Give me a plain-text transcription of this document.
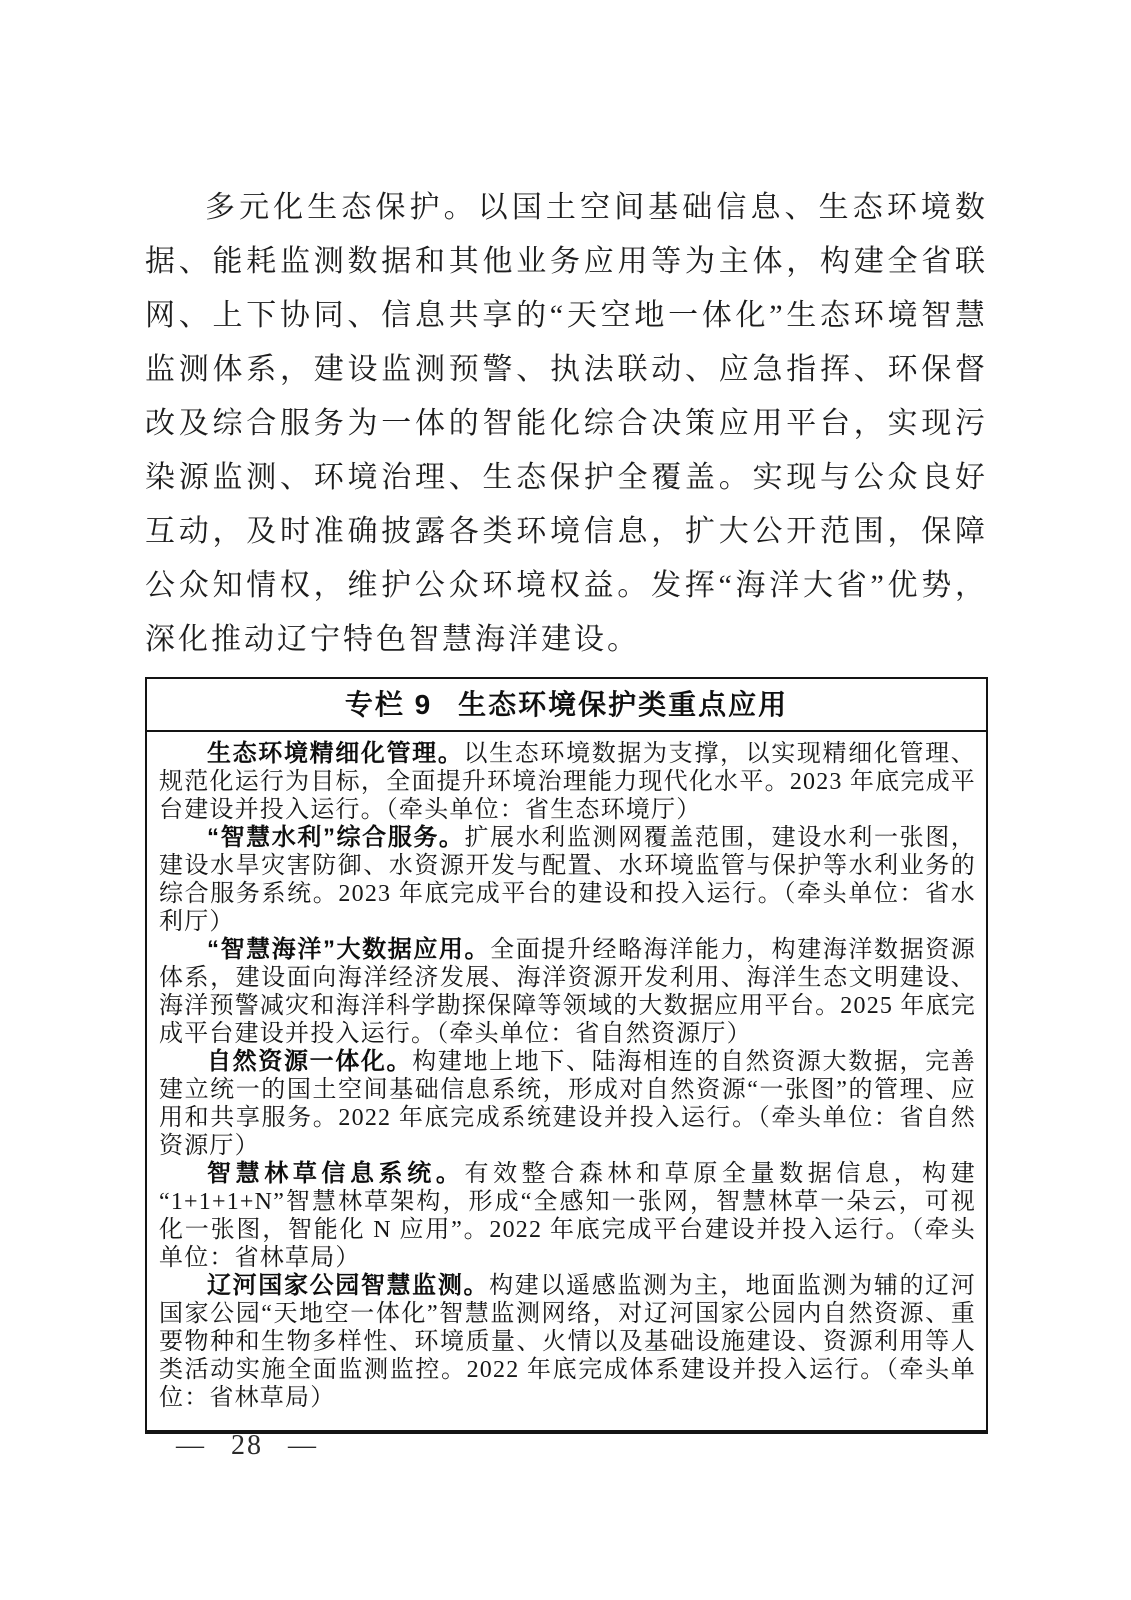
多元化生态保护。以国土空间基础信息、生态环境数据、能耗监测数据和其他业务应用等为主体，构建全省联网、上下协同、信息共享的“天空地一体化”生态环境智慧监测体系，建设监测预警、执法联动、应急指挥、环保督改及综合服务为一体的智能化综合决策应用平台，实现污染源监测、环境治理、生态保护全覆盖。实现与公众良好互动，及时准确披露各类环境信息，扩大公开范围，保障公众知情权，维护公众环境权益。发挥“海洋大省”优势，深化推动辽宁特色智慧海洋建设。

专栏 9 生态环境保护类重点应用

生态环境精细化管理。以生态环境数据为支撑，以实现精细化管理、规范化运行为目标，全面提升环境治理能力现代化水平。2023 年底完成平台建设并投入运行。（牵头单位：省生态环境厅）

“智慧水利”综合服务。扩展水利监测网覆盖范围，建设水利一张图，建设水旱灾害防御、水资源开发与配置、水环境监管与保护等水利业务的综合服务系统。2023 年底完成平台的建设和投入运行。（牵头单位：省水利厅）

“智慧海洋”大数据应用。全面提升经略海洋能力，构建海洋数据资源体系，建设面向海洋经济发展、海洋资源开发利用、海洋生态文明建设、海洋预警减灾和海洋科学勘探保障等领域的大数据应用平台。2025 年底完成平台建设并投入运行。（牵头单位：省自然资源厅）

自然资源一体化。构建地上地下、陆海相连的自然资源大数据，完善建立统一的国土空间基础信息系统，形成对自然资源“一张图”的管理、应用和共享服务。2022 年底完成系统建设并投入运行。（牵头单位：省自然资源厅）

智慧林草信息系统。有效整合森林和草原全量数据信息，构建“1+1+1+N”智慧林草架构，形成“全感知一张网，智慧林草一朵云，可视化一张图，智能化 N 应用”。2022 年底完成平台建设并投入运行。（牵头单位：省林草局）

辽河国家公园智慧监测。构建以遥感监测为主，地面监测为辅的辽河国家公园“天地空一体化”智慧监测网络，对辽河国家公园内自然资源、重要物种和生物多样性、环境质量、火情以及基础设施建设、资源利用等人类活动实施全面监测监控。2022 年底完成体系建设并投入运行。（牵头单位：省林草局）

— 28 —
